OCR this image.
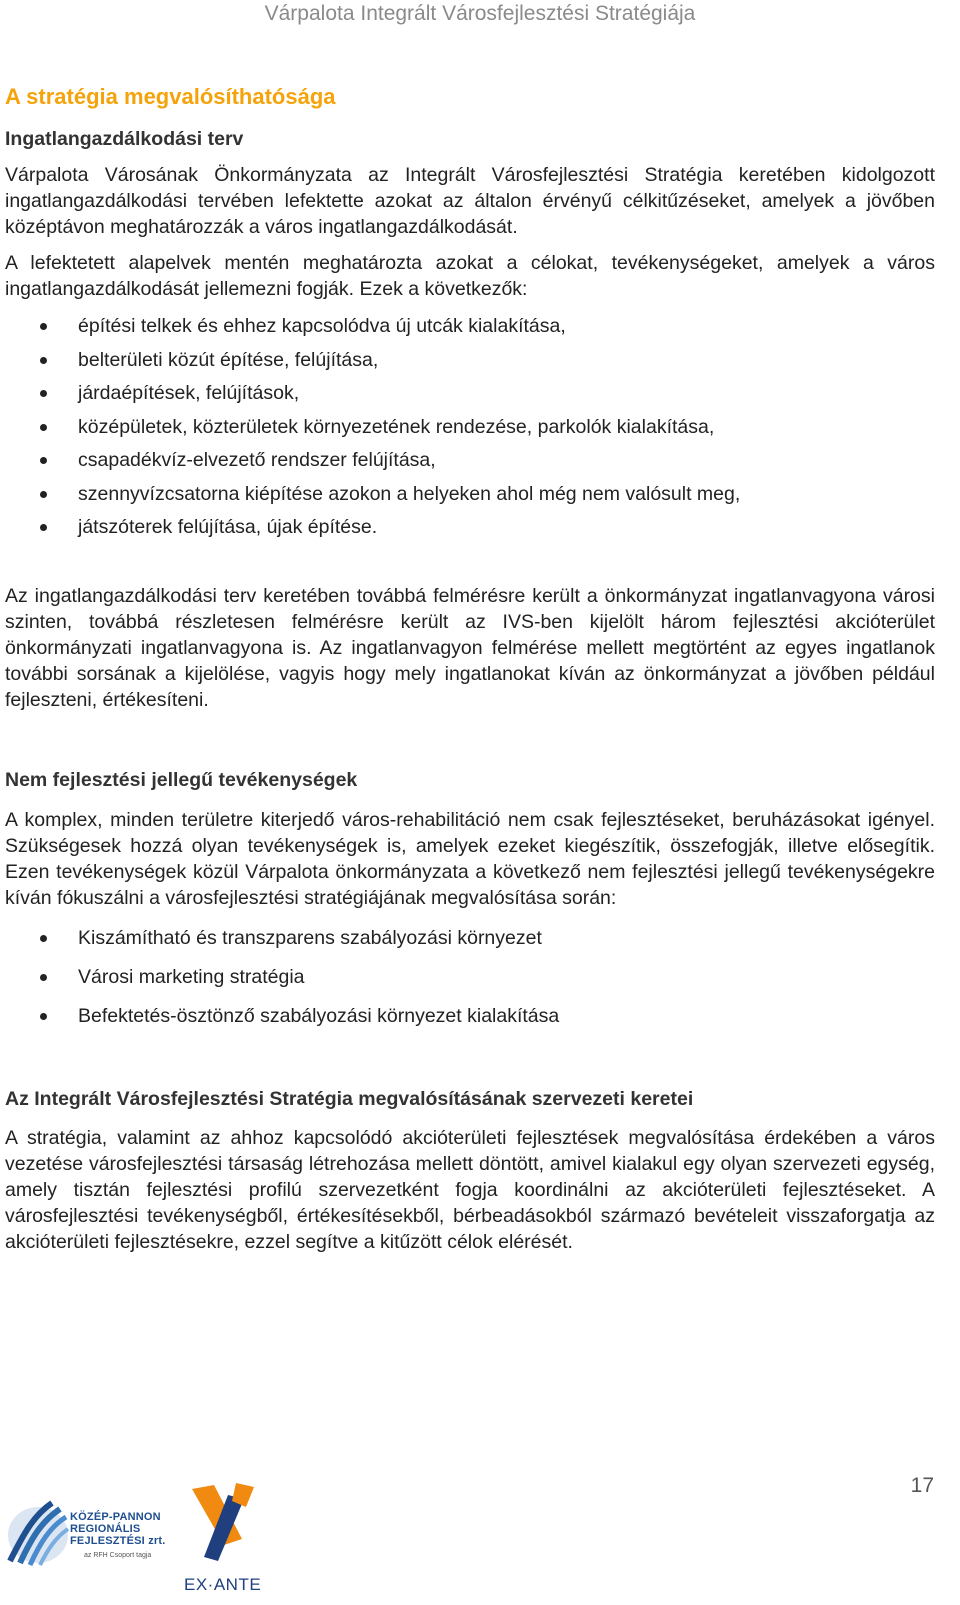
Várpalota Integrált Városfejlesztési Stratégiája
A stratégia megvalósíthatósága
Ingatlangazdálkodási terv

Várpalota Városának Önkormányzata az Integrált Városfejlesztési Stratégia keretében kidolgozott ingatlangazdálkodási tervében lefektette azokat az általon érvényű célkitűzéseket, amelyek a jövőben középtávon meghatározzák a város ingatlangazdálkodását.

A lefektetett alapelvek mentén meghatározta azokat a célokat, tevékenységeket, amelyek a város ingatlangazdálkodását jellemezni fogják. Ezek a következők:

építési telkek és ehhez kapcsolódva új utcák kialakítása,
belterületi közút építése, felújítása,
járdaépítések, felújítások,
középületek, közterületek környezetének rendezése, parkolók kialakítása,
csapadékvíz-elvezető rendszer felújítása,
szennyvízcsatorna kiépítése azokon a helyeken ahol még nem valósult meg,
játszóterek felújítása, újak építése.

Az ingatlangazdálkodási terv keretében továbbá felmérésre került a önkormányzat ingatlanvagyona városi szinten, továbbá részletesen felmérésre került az IVS-ben kijelölt három fejlesztési akcióterület önkormányzati ingatlanvagyona is. Az ingatlanvagyon felmérése mellett megtörtént az egyes ingatlanok további sorsának a kijelölése, vagyis hogy mely ingatlanokat kíván az önkormányzat a jövőben például fejleszteni, értékesíteni.

Nem fejlesztési jellegű tevékenységek

A komplex, minden területre kiterjedő város-rehabilitáció nem csak fejlesztéseket, beruházásokat igényel. Szükségesek hozzá olyan tevékenységek is, amelyek ezeket kiegészítik, összefogják, illetve elősegítik. Ezen tevékenységek közül Várpalota önkormányzata a következő nem fejlesztési jellegű tevékenységekre kíván fókuszálni a városfejlesztési stratégiájának megvalósítása során:

Kiszámítható és transzparens szabályozási környezet
Városi marketing stratégia
Befektetés-ösztönző szabályozási környezet kialakítása
Az Integrált Városfejlesztési Stratégia megvalósításának szervezeti keretei

A stratégia, valamint az ahhoz kapcsolódó akcióterületi fejlesztések megvalósítása érdekében a város vezetése városfejlesztési társaság létrehozása mellett döntött, amivel kialakul egy olyan szervezeti egység, amely tisztán fejlesztési profilú szervezetként fogja koordinálni az akcióterületi fejlesztéseket. A városfejlesztési tevékenységből, értékesítésekből, bérbeadásokból származó bevételeit visszaforgatja az akcióterületi fejlesztésekre, ezzel segítve a kitűzött célok elérését.

17
KÖZÉP-PANNON
REGIONÁLIS
FEJLESZTÉSI zrt.
az RFH Csoport tagja
EX·ANTE
